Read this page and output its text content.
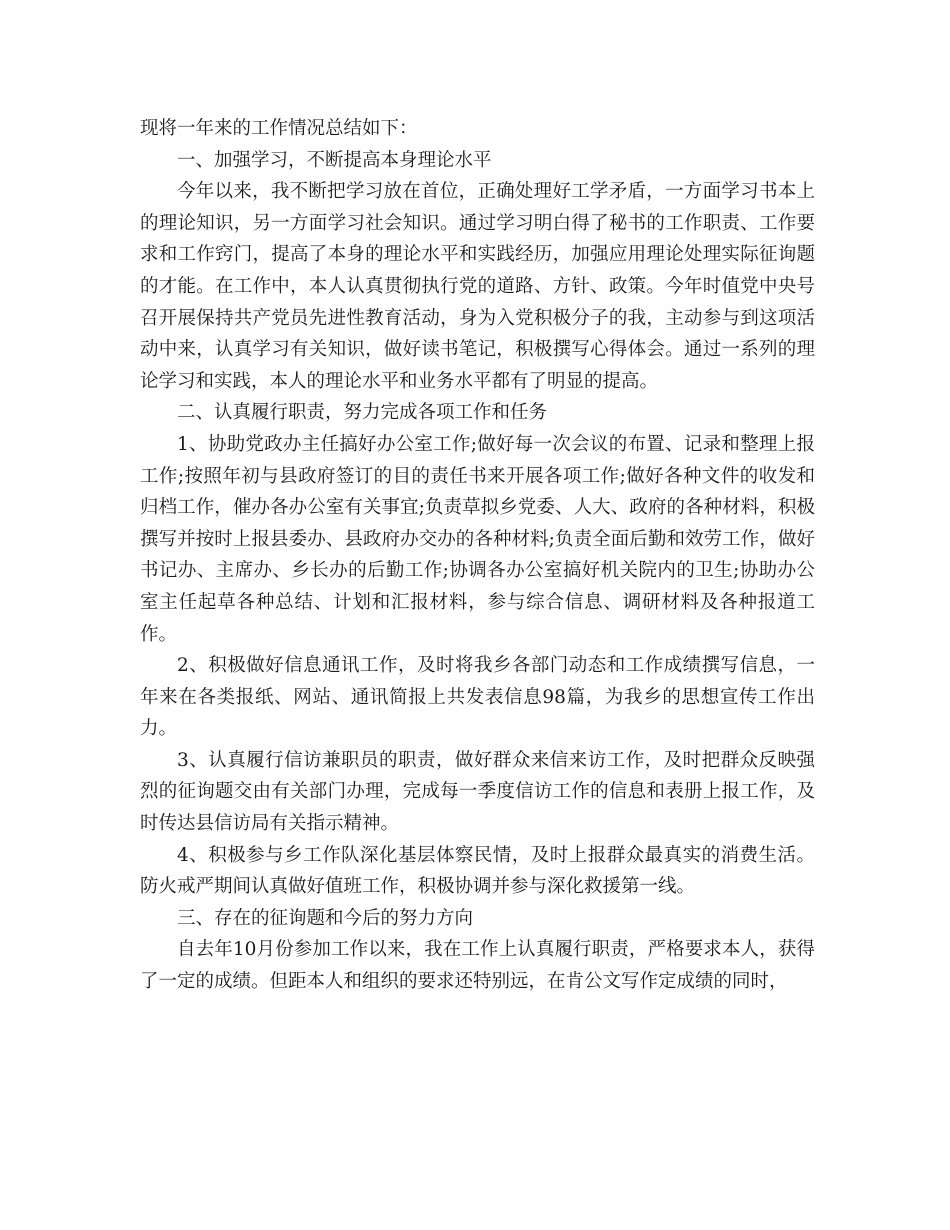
现将一年来的工作情况总结如下：

一、加强学习，不断提高本身理论水平

今年以来，我不断把学习放在首位，正确处理好工学矛盾，一方面学习书本上的理论知识，另一方面学习社会知识。通过学习明白得了秘书的工作职责、工作要求和工作窍门，提高了本身的理论水平和实践经历，加强应用理论处理实际征询题的才能。在工作中，本人认真贯彻执行党的道路、方针、政策。今年时值党中央号召开展保持共产党员先进性教育活动，身为入党积极分子的我，主动参与到这项活动中来，认真学习有关知识，做好读书笔记，积极撰写心得体会。通过一系列的理论学习和实践，本人的理论水平和业务水平都有了明显的提高。

二、认真履行职责，努力完成各项工作和任务

1、协助党政办主任搞好办公室工作;做好每一次会议的布置、记录和整理上报工作;按照年初与县政府签订的目的责任书来开展各项工作;做好各种文件的收发和归档工作，催办各办公室有关事宜;负责草拟乡党委、人大、政府的各种材料，积极撰写并按时上报县委办、县政府办交办的各种材料;负责全面后勤和效劳工作，做好书记办、主席办、乡长办的后勤工作;协调各办公室搞好机关院内的卫生;协助办公室主任起草各种总结、计划和汇报材料，参与综合信息、调研材料及各种报道工作。

2、积极做好信息通讯工作，及时将我乡各部门动态和工作成绩撰写信息，一年来在各类报纸、网站、通讯简报上共发表信息98篇，为我乡的思想宣传工作出力。

3、认真履行信访兼职员的职责，做好群众来信来访工作，及时把群众反映强烈的征询题交由有关部门办理，完成每一季度信访工作的信息和表册上报工作，及时传达县信访局有关指示精神。

4、积极参与乡工作队深化基层体察民情，及时上报群众最真实的消费生活。防火戒严期间认真做好值班工作，积极协调并参与深化救援第一线。

三、存在的征询题和今后的努力方向

自去年10月份参加工作以来，我在工作上认真履行职责，严格要求本人，获得了一定的成绩。但距本人和组织的要求还特别远，在肯公文写作定成绩的同时，
